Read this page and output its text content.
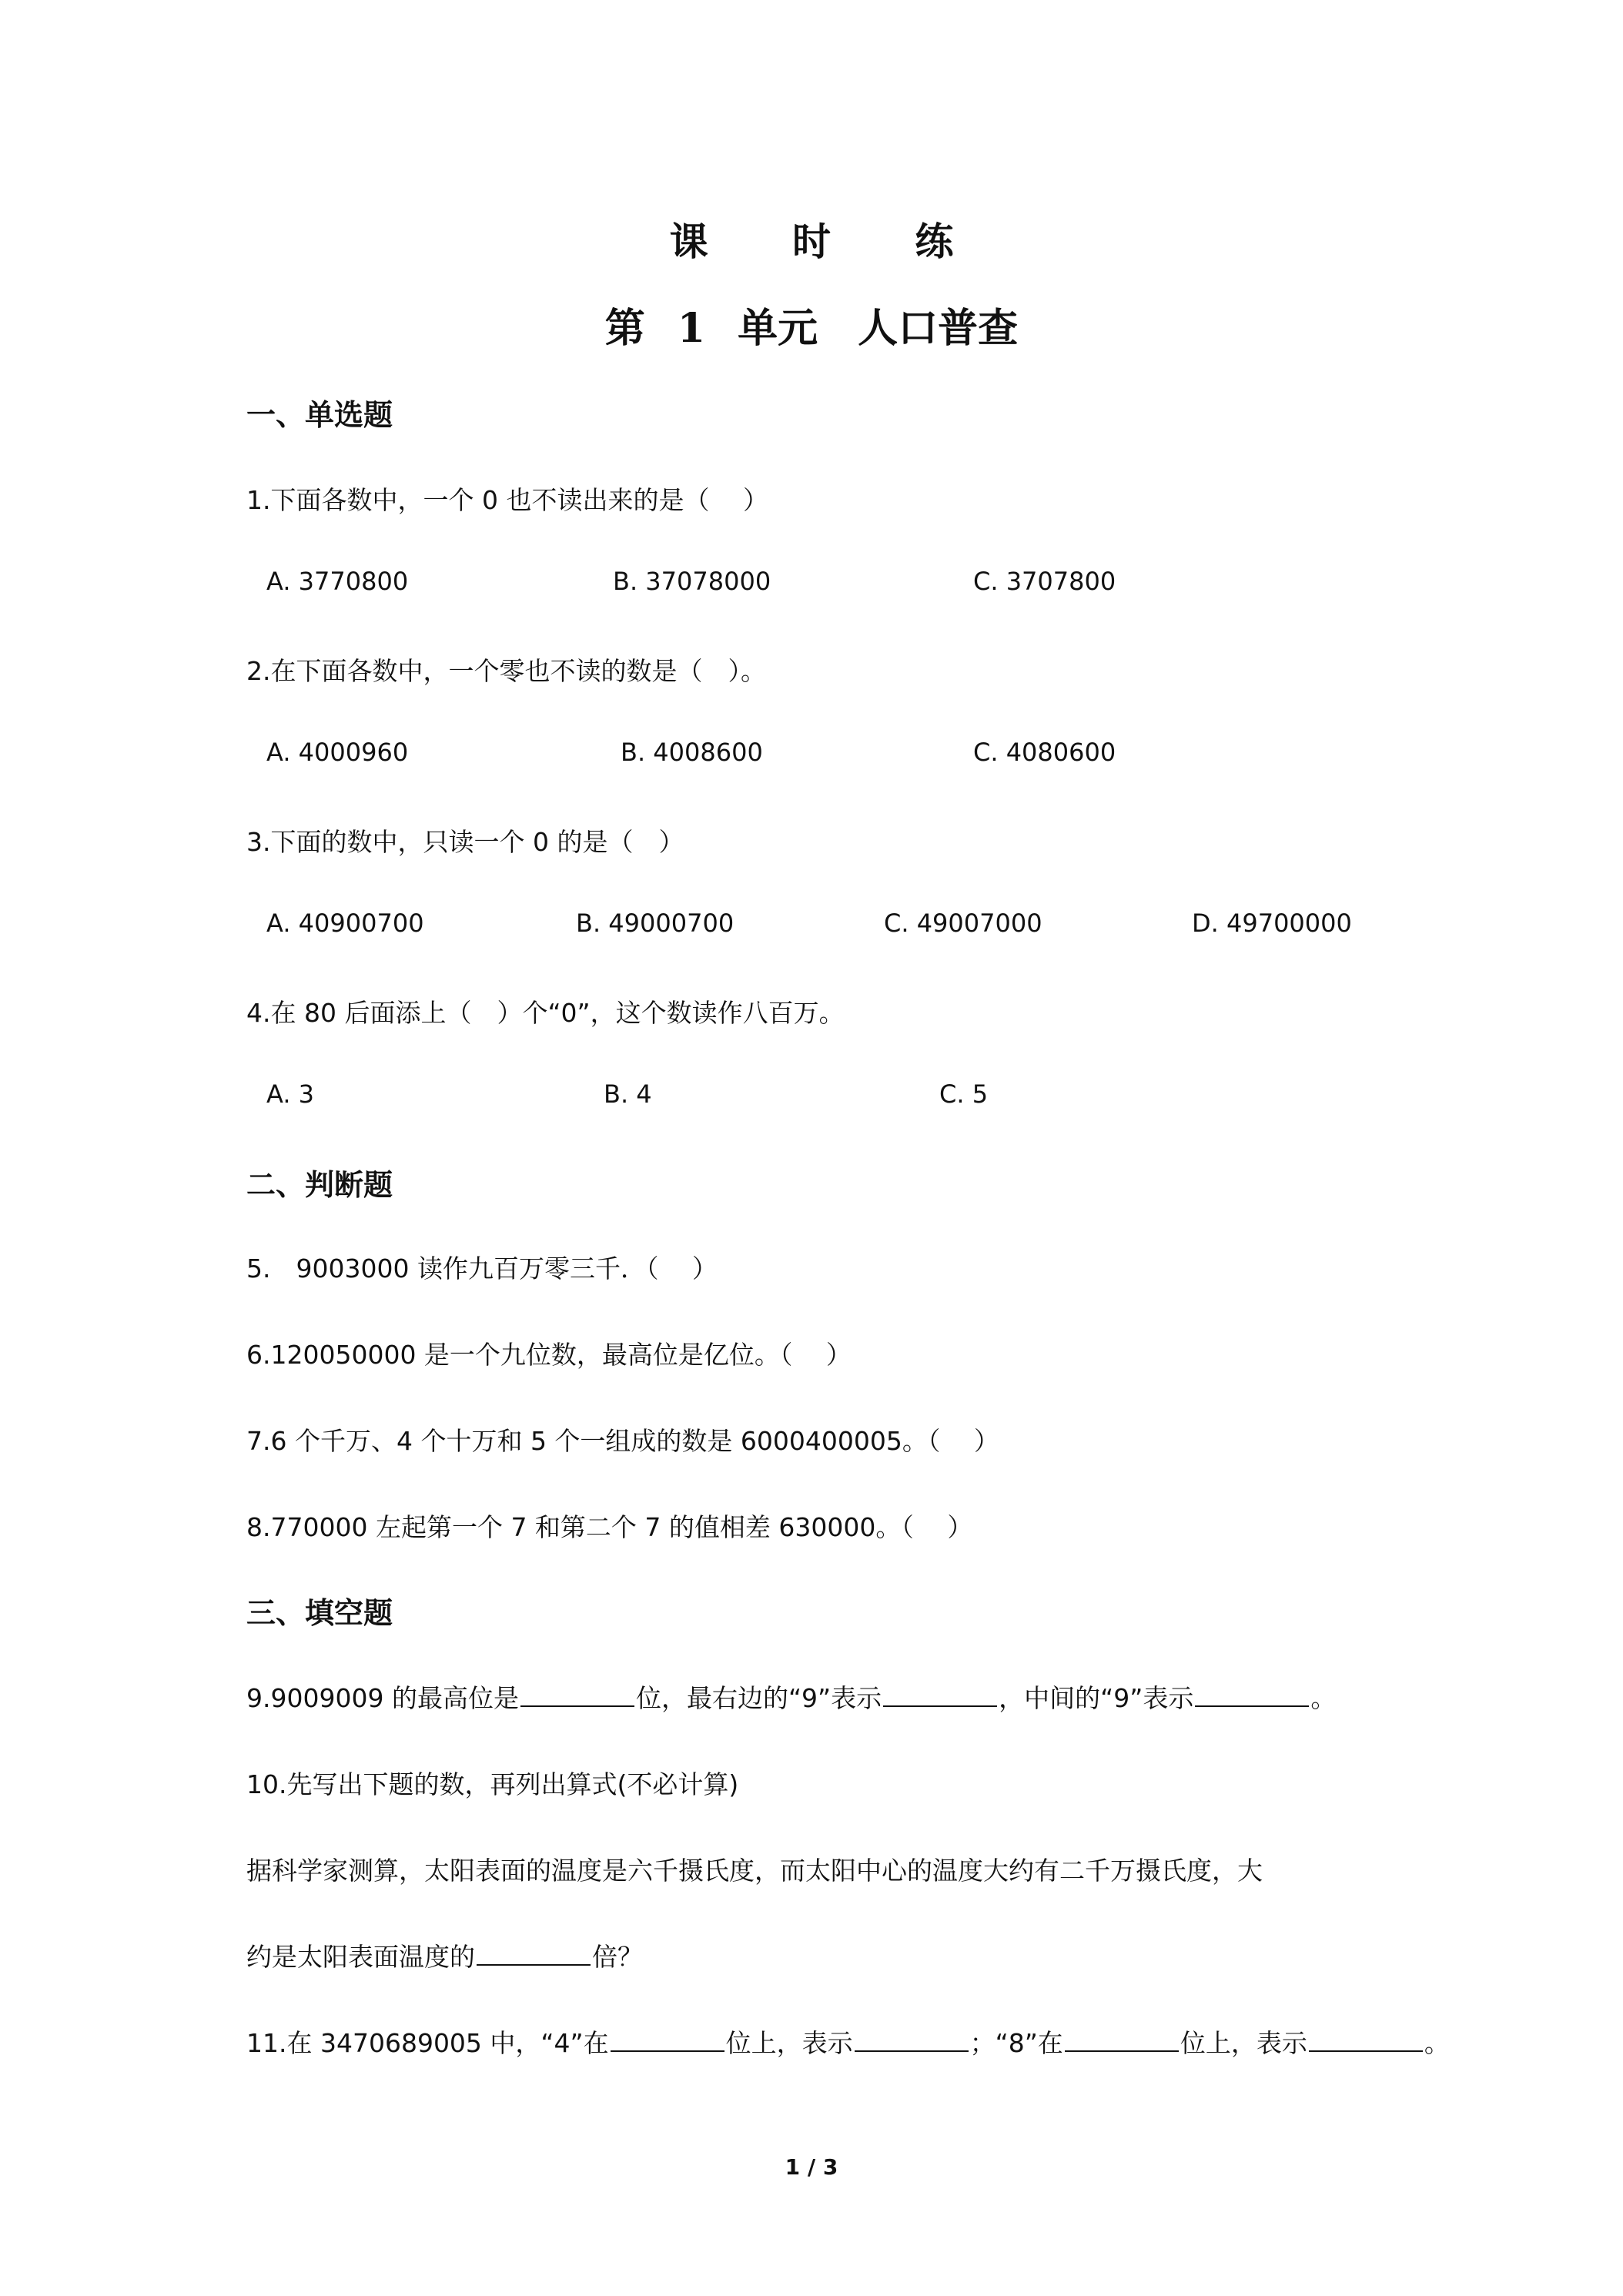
课 时 练
第 1 单元　人口普查
一、单选题
1.下面各数中，一个 0 也不读出来的是（　 ）
A. 3770800	B. 37078000	C. 3707800
2.在下面各数中，一个零也不读的数是（　）。
A. 4000960	B. 4008600	C. 4080600
3.下面的数中，只读一个 0 的是（　）
A. 40900700	B. 49000700	C. 49007000	D. 49700000
4.在 80 后面添上（　）个“0”，这个数读作八百万。
A. 3	B. 4	C. 5
二、判断题
5.　9003000 读作九百万零三千．（　 ）
6.120050000 是一个九位数，最高位是亿位。（　 ）
7.6 个千万、4 个十万和 5 个一组成的数是 6000400005。（　 ）
8.770000 左起第一个 7 和第二个 7 的值相差 630000。（　 ）
三、填空题
9.9009009 的最高位是	位，最右边的“9”表示	，中间的“9”表示	。
10.先写出下题的数，再列出算式(不必计算)
据科学家测算，太阳表面的温度是六千摄氏度，而太阳中心的温度大约有二千万摄氏度，大
约是太阳表面温度的	倍？
11.在 3470689005 中，“4”在	位上，表示	；“8”在	位上，表示	。
1 / 3
